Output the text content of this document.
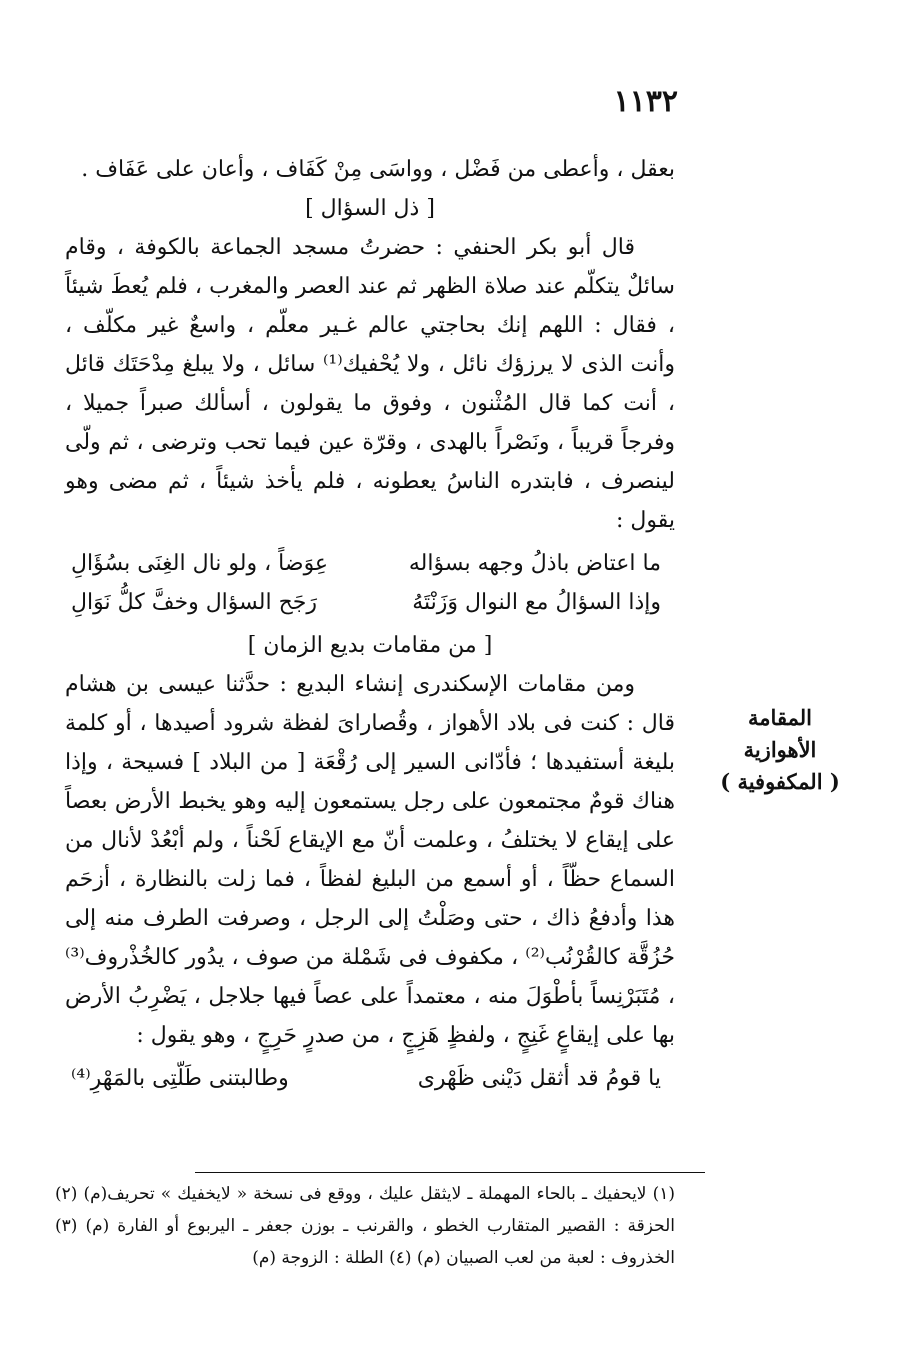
١١٣٢
المقامة
الأهوازية
( المكفوفية )

بعقل ، وأعطى من فَضْل ، وواسَى مِنْ كَفَاف ، وأعان على عَفَاف .

[ ذل السؤال ]

قال أبو بكر الحنفي : حضرتُ مسجد الجماعة بالكوفة ، وقام سائلٌ يتكلّم عند صلاة الظهر ثم عند العصر والمغرب ، فلم يُعطَ شيئاً ، فقال : اللهم إنك بحاجتي عالم غـير معلّم ، واسعٌ غير مكلّف ، وأنت الذى لا يرزؤك نائل ، ولا يُحْفيك⁽¹⁾ سائل ، ولا يبلغ مِدْحَتَك قائل ، أنت كما قال المُثْنون ، وفوق ما يقولون ، أسألك صبراً جميلا ، وفرجاً قريباً ، ونَصْراً بالهدى ، وقرّة عين فيما تحب وترضى ، ثم ولّى لينصرف ، فابتدره الناسُ يعطونه ، فلم يأخذ شيئاً ، ثم مضى وهو يقول :

ما اعتاض باذلُ وجهه بسؤاله
عِوَضاً ، ولو نال الغِنَى بسُؤَالِ
وإذا السؤالُ مع النوال وَزَنْتَهُ
رَجَح السؤال وخفَّ كلُّ نَوَالِ

[ من مقامات بديع الزمان ]

ومن مقامات الإسكندرى إنشاء البديع : حدَّثنا عيسى بن هشام قال : كنت فى بلاد الأهواز ، وقُصاراىَ لفظة شرود أصيدها ، أو كلمة بليغة أستفيدها ؛ فأدّانى السير إلى رُقْعَة [ من البلاد ] فسيحة ، وإذا هناك قومٌ مجتمعون على رجل يستمعون إليه وهو يخبط الأرض بعصاً على إيقاع لا يختلفُ ، وعلمت أنّ مع الإيقاع لَحْناً ، ولم أبْعُدْ لأنال من السماع حظّاً ، أو أسمع من البليغ لفظاً ، فما زلت بالنظارة ، أزحَم هذا وأدفعُ ذاك ، حتى وصَلْتُ إلى الرجل ، وصرفت الطرف منه إلى حُزُقَّة كالقُرْنُب⁽²⁾ ، مكفوف فى شَمْلة من صوف ، يدُور كالخُذْروف⁽³⁾ ، مُتَبَرْنِساً بأطْوَلَ منه ، معتمداً على عصاً فيها جلاجل ، يَضْرِبُ الأرض بها على إيقاعٍ غَنِجٍ ، ولفظٍ هَزِجٍ ، من صدرٍ حَرِجٍ ، وهو يقول :

يا قومُ قد أثقل دَيْنى ظَهْرى
وطالبتنى طَلّتِى بالمَهْرِ⁽⁴⁾

(١) لايحفيك ـ بالحاء المهملة ـ لايثقل عليك ، ووقع فى نسخة « لايخفيك » تحريف(م) (٢) الحزقة : القصير المتقارب الخطو ، والقرنب ـ بوزن جعفر ـ اليربوع أو الفارة (م) (٣) الخذروف : لعبة من لعب الصبيان (م) (٤) الطلة : الزوجة (م)
